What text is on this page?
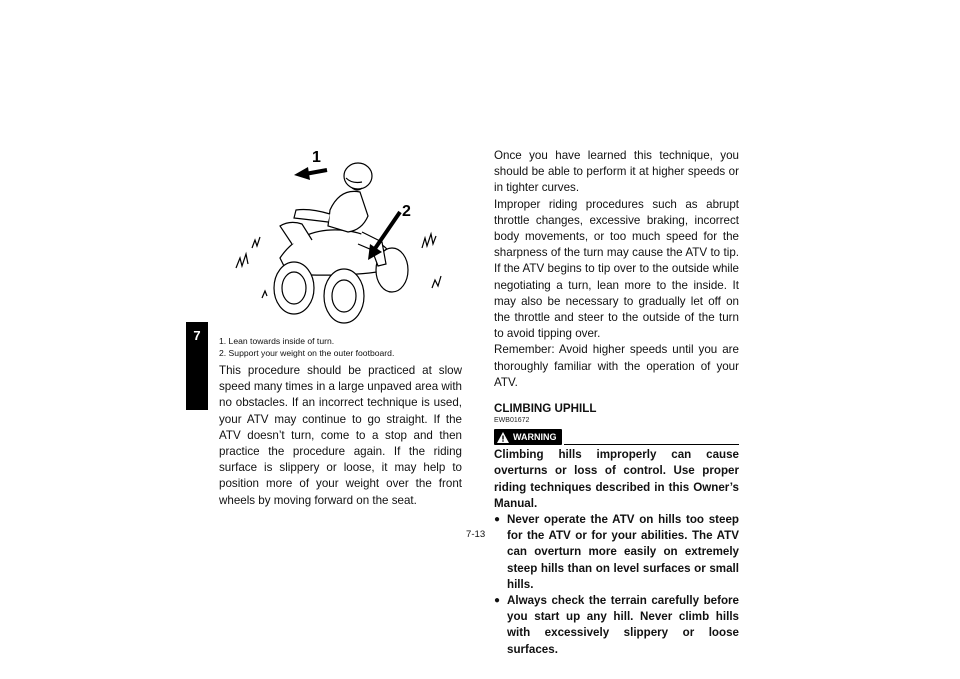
7
1
2
1. Lean towards inside of turn.
2. Support your weight on the outer footboard.

This procedure should be practiced at slow speed many times in a large unpaved area with no obstacles. If an incorrect technique is used, your ATV may continue to go straight. If the ATV doesn’t turn, come to a stop and then practice the procedure again. If the riding surface is slippery or loose, it may help to position more of your weight over the front wheels by moving forward on the seat.

Once you have learned this technique, you should be able to perform it at higher speeds or in tighter curves.

Improper riding procedures such as abrupt throttle changes, excessive braking, incorrect body movements, or too much speed for the sharpness of the turn may cause the ATV to tip. If the ATV begins to tip over to the outside while negotiating a turn, lean more to the inside. It may also be necessary to gradually let off on the throttle and steer to the outside of the turn to avoid tipping over.

Remember: Avoid higher speeds until you are thoroughly familiar with the operation of your ATV.

CLIMBING UPHILL
EWB01672
WARNING
Climbing hills improperly can cause overturns or loss of control. Use proper riding techniques described in this Owner’s Manual.
● Never operate the ATV on hills too steep for the ATV or for your abilities. The ATV can overturn more easily on extremely steep hills than on level surfaces or small hills.
● Always check the terrain carefully before you start up any hill. Never climb hills with excessively slippery or loose surfaces.
7-13
